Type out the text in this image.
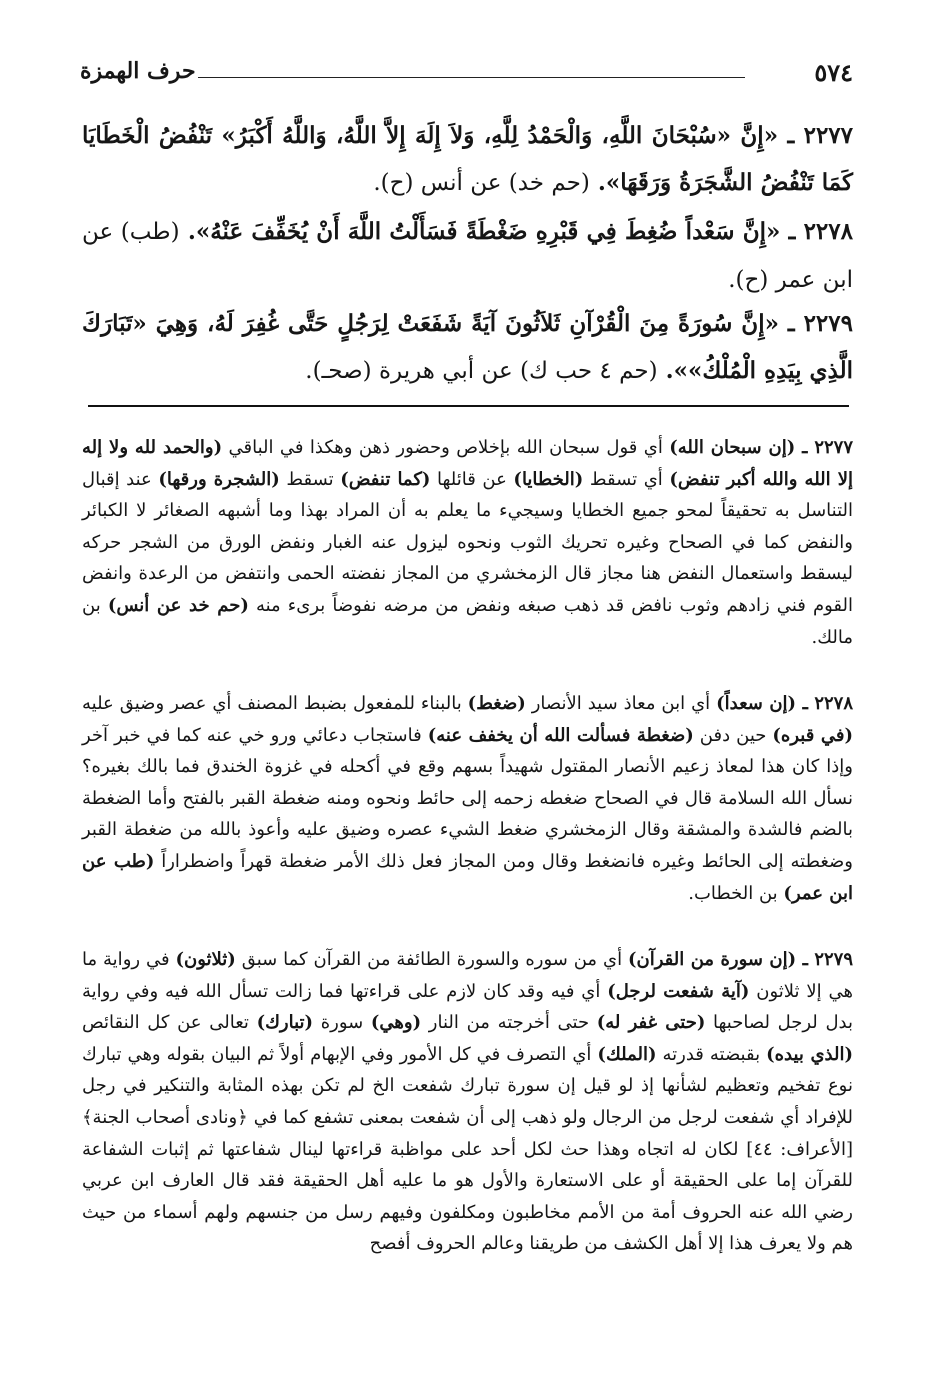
٥٧٤
حرف الهمزة
٢٢٧٧ ـ «إِنَّ «سُبْحَانَ اللَّهِ، وَالْحَمْدُ لِلَّهِ، وَلاَ إِلَهَ إِلاَّ اللَّهُ، وَاللَّهُ أَكْبَرُ» تَنْفُضُ الْخَطَايَا كَمَا تَنْفُضُ الشَّجَرَةُ وَرَقَهَا». (حم خد) عن أنس (ح).
٢٢٧٨ ـ «إِنَّ سَعْداً ضُغِطَ فِي قَبْرِهِ ضَغْطَةً فَسَأَلْتُ اللَّهَ أَنْ يُخَفِّفَ عَنْهُ». (طب) عن ابن عمر (ح).
٢٢٧٩ ـ «إِنَّ سُورَةً مِنَ الْقُرْآنِ ثَلاَثُونَ آيَةً شَفَعَتْ لِرَجُلٍ حَتَّى غُفِرَ لَهُ، وَهِيَ «تَبَارَكَ الَّذِي بِيَدِهِ الْمُلْكُ»». (حم ٤ حب ك) عن أبي هريرة (صحـ).
٢٢٧٧ ـ (إن سبحان الله) أي قول سبحان الله بإخلاص وحضور ذهن وهكذا في الباقي (والحمد لله ولا إله إلا الله والله أكبر تنفض) أي تسقط (الخطايا) عن قائلها (كما تنفض) تسقط (الشجرة ورقها) عند إقبال التناسل به تحقيقاً لمحو جميع الخطايا وسيجيء ما يعلم به أن المراد بهذا وما أشبهه الصغائر لا الكبائر والنفض كما في الصحاح وغيره تحريك الثوب ونحوه ليزول عنه الغبار ونفض الورق من الشجر حركه ليسقط واستعمال النفض هنا مجاز قال الزمخشري من المجاز نفضته الحمى وانتفض من الرعدة وانفض القوم فني زادهم وثوب نافض قد ذهب صبغه ونفض من مرضه نفوضاً برىء منه (حم خد عن أنس) بن مالك.
٢٢٧٨ ـ (إن سعداً) أي ابن معاذ سيد الأنصار (ضغط) بالبناء للمفعول بضبط المصنف أي عصر وضيق عليه (في قبره) حين دفن (ضغطة فسألت الله أن يخفف عنه) فاستجاب دعائي ورو خي عنه كما في خبر آخر وإذا كان هذا لمعاذ زعيم الأنصار المقتول شهيداً بسهم وقع في أكحله في غزوة الخندق فما بالك بغيره؟ نسأل الله السلامة قال في الصحاح ضغطه زحمه إلى حائط ونحوه ومنه ضغطة القبر بالفتح وأما الضغطة بالضم فالشدة والمشقة وقال الزمخشري ضغط الشيء عصره وضيق عليه وأعوذ بالله من ضغطة القبر وضغطته إلى الحائط وغيره فانضغط وقال ومن المجاز فعل ذلك الأمر ضغطة قهراً واضطراراً (طب عن ابن عمر) بن الخطاب.
٢٢٧٩ ـ (إن سورة من القرآن) أي من سوره والسورة الطائفة من القرآن كما سبق (ثلاثون) في رواية ما هي إلا ثلاثون (آية شفعت لرجل) أي فيه وقد كان لازم على قراءتها فما زالت تسأل الله فيه وفي رواية بدل لرجل لصاحبها (حتى غفر له) حتى أخرجته من النار (وهي) سورة (تبارك) تعالى عن كل النقائص (الذي بيده) بقبضته قدرته (الملك) أي التصرف في كل الأمور وفي الإبهام أولاً ثم البيان بقوله وهي تبارك نوع تفخيم وتعظيم لشأنها إذ لو قيل إن سورة تبارك شفعت الخ لم تكن بهذه المثابة والتنكير في رجل للإفراد أي شفعت لرجل من الرجال ولو ذهب إلى أن شفعت بمعنى تشفع كما في ﴿ونادى أصحاب الجنة﴾ [الأعراف: ٤٤] لكان له اتجاه وهذا حث لكل أحد على مواظبة قراءتها لينال شفاعتها ثم إثبات الشفاعة للقرآن إما على الحقيقة أو على الاستعارة والأول هو ما عليه أهل الحقيقة فقد قال العارف ابن عربي رضي الله عنه الحروف أمة من الأمم مخاطبون ومكلفون وفيهم رسل من جنسهم ولهم أسماء من حيث هم ولا يعرف هذا إلا أهل الكشف من طريقنا وعالم الحروف أفصح
